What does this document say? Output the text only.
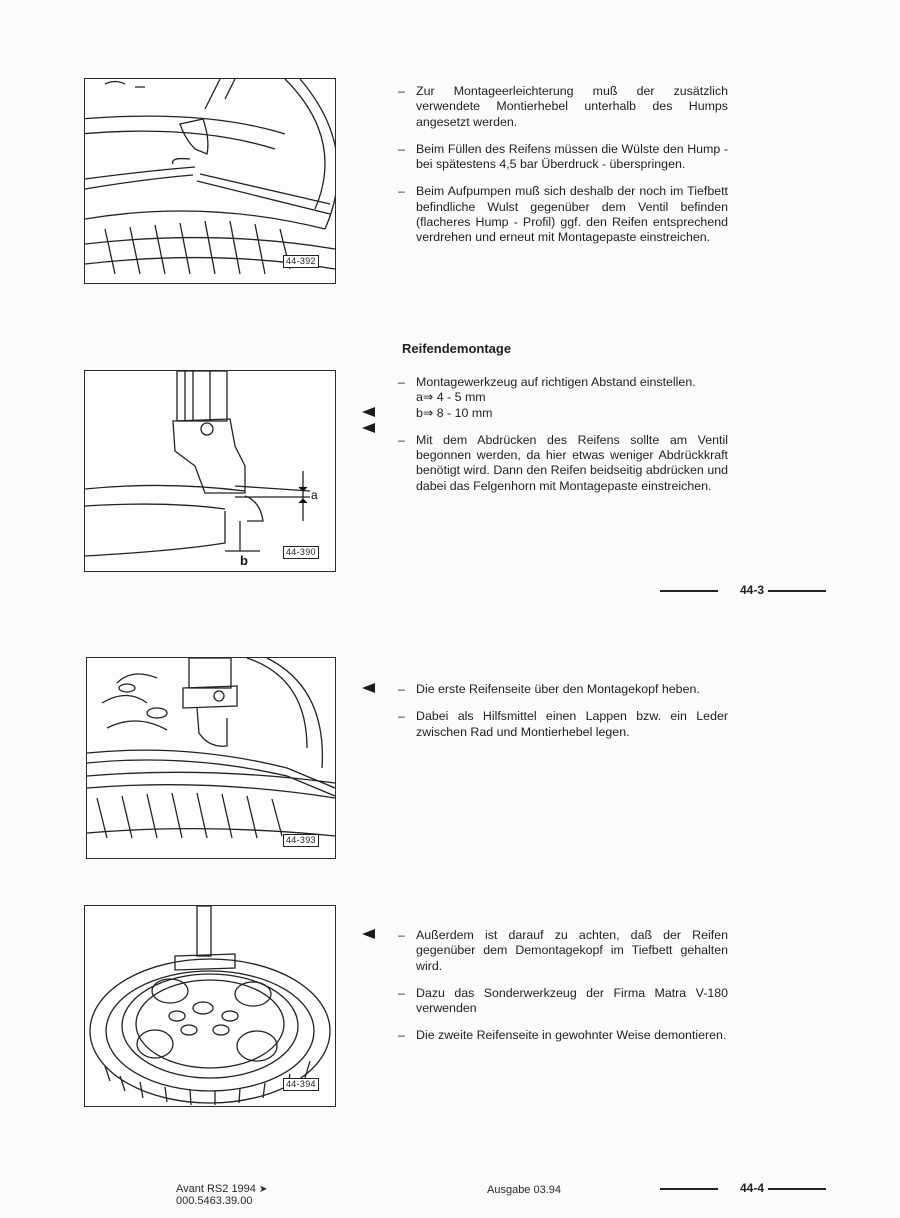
44-392
– Zur Montageerleichterung muß der zusätzlich verwendete Montierhebel unterhalb des Humps angesetzt werden.
– Beim Füllen des Reifens müssen die Wülste den Hump - bei spätestens 4,5 bar Überdruck - überspringen.
– Beim Aufpumpen muß sich deshalb der noch im Tiefbett befindliche Wulst gegenüber dem Ventil befinden (flacheres Hump - Profil) ggf. den Reifen entsprechend verdrehen und erneut mit Montagepaste einstreichen.
Reifendemontage
a
b
44-390
– Montagewerkzeug auf richtigen Abstand einstellen.
a⇒ 4 - 5 mm
b⇒ 8 - 10 mm
– Mit dem Abdrücken des Reifens sollte am Ventil begonnen werden, da hier etwas weniger Abdrückkraft benötigt wird. Dann den Reifen beidseitig abdrücken und dabei das Felgenhorn mit Montagepaste einstreichen.
44-3
44-393
– Die erste Reifenseite über den Montagekopf heben.
– Dabei als Hilfsmittel einen Lappen bzw. ein Leder zwischen Rad und Montierhebel legen.
44-394
– Außerdem ist darauf zu achten, daß der Reifen gegenüber dem Demontagekopf im Tiefbett gehalten wird.
– Dazu das Sonderwerkzeug der Firma Matra V-180 verwenden
– Die zweite Reifenseite in gewohnter Weise demontieren.
Avant RS2 1994 ➤
000.5463.39.00
Ausgabe 03.94	44-4
